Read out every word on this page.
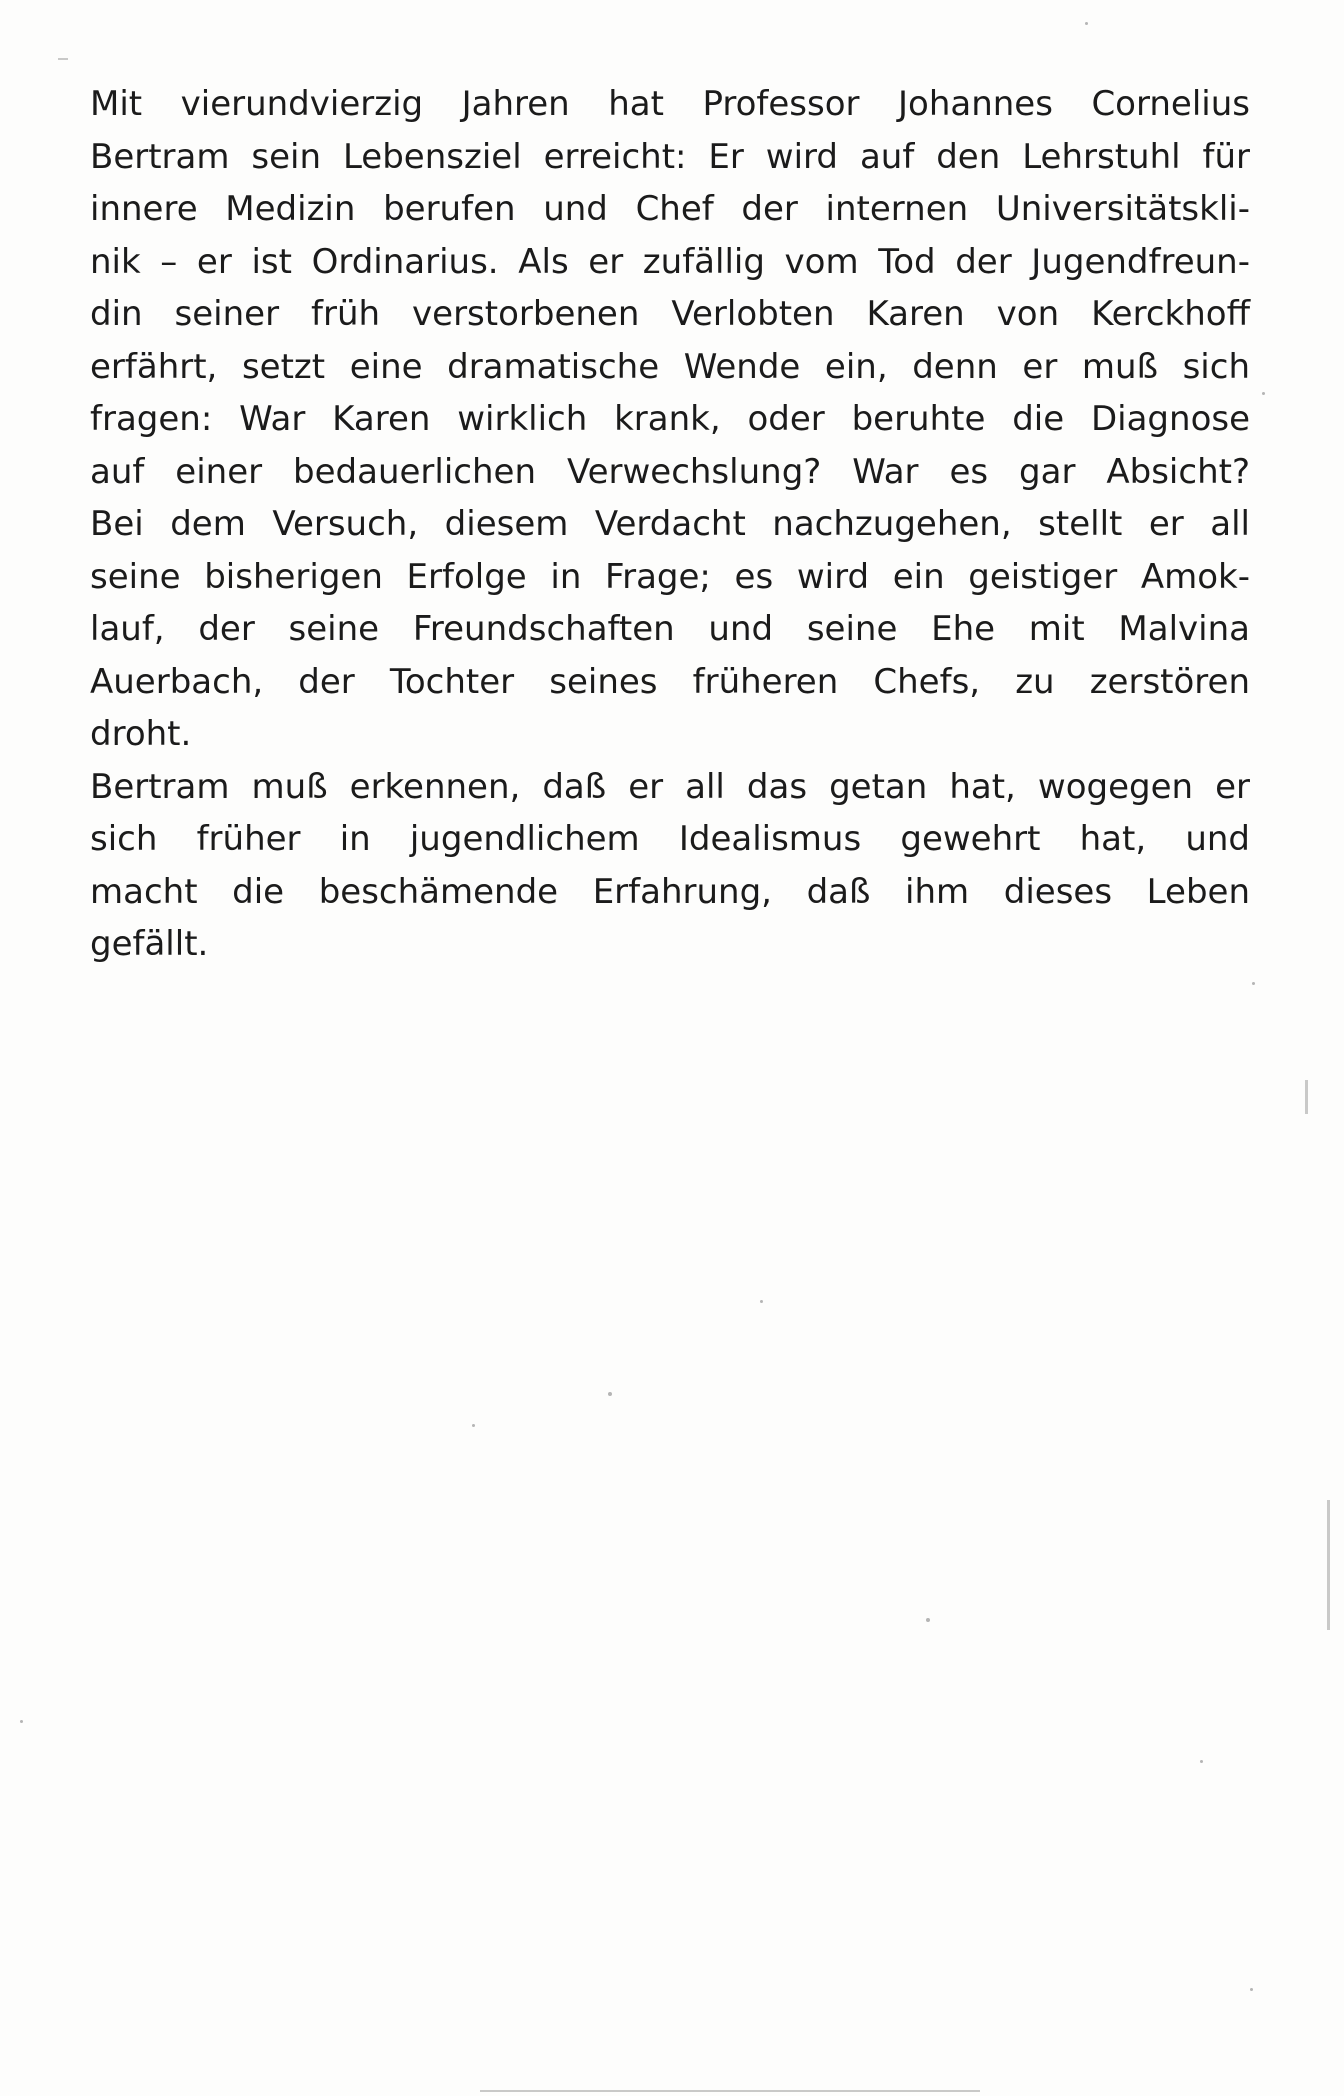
Mit vierundvierzig Jahren hat Professor Johannes Cornelius
Bertram sein Lebensziel erreicht: Er wird auf den Lehrstuhl für
innere Medizin berufen und Chef der internen Universitätskli-
nik – er ist Ordinarius. Als er zufällig vom Tod der Jugendfreun-
din seiner früh verstorbenen Verlobten Karen von Kerckhoff
erfährt, setzt eine dramatische Wende ein, denn er muß sich
fragen: War Karen wirklich krank, oder beruhte die Diagnose
auf einer bedauerlichen Verwechslung? War es gar Absicht?
Bei dem Versuch, diesem Verdacht nachzugehen, stellt er all
seine bisherigen Erfolge in Frage; es wird ein geistiger Amok-
lauf, der seine Freundschaften und seine Ehe mit Malvina
Auerbach, der Tochter seines früheren Chefs, zu zerstören
droht.
Bertram muß erkennen, daß er all das getan hat, wogegen er
sich früher in jugendlichem Idealismus gewehrt hat, und
macht die beschämende Erfahrung, daß ihm dieses Leben
gefällt.
